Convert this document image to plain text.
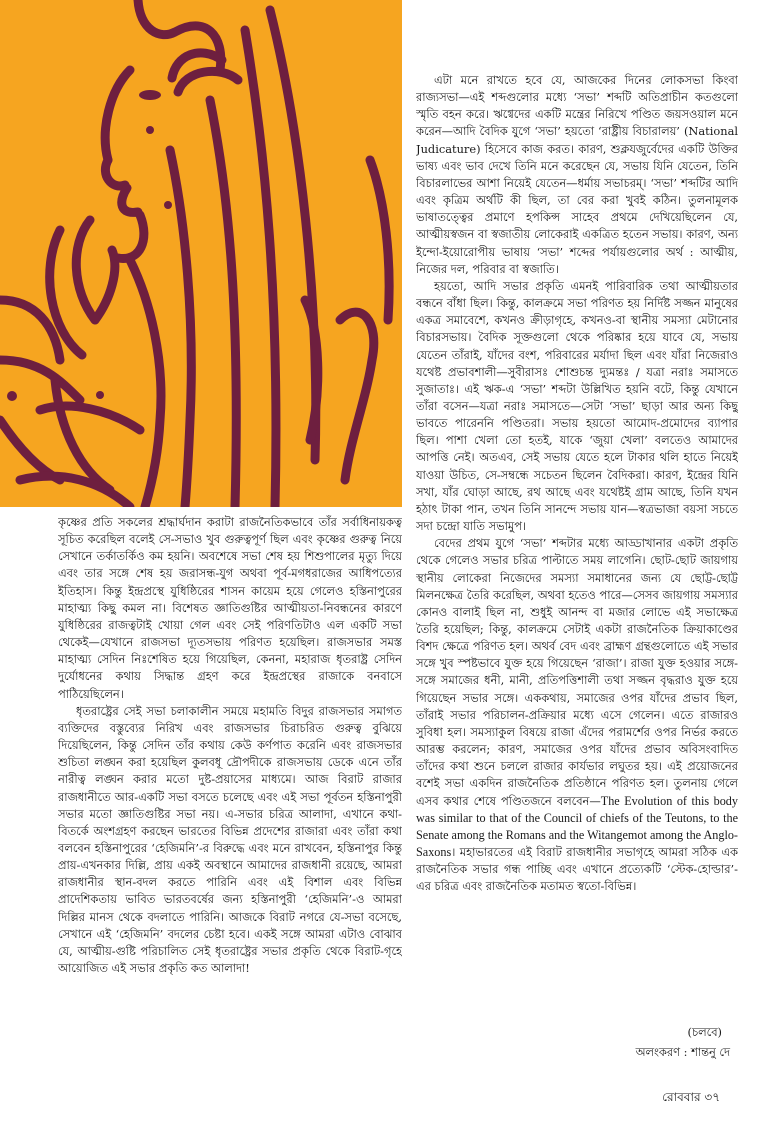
কৃষ্ণের প্রতি সকলের শ্রদ্ধার্ঘদান করাটা রাজনৈতিকভাবে তাঁর সর্বাধিনায়কত্ব সূচিত করেছিল বলেই সে-সভাও খুব গুরুত্বপূর্ণ ছিল এবং কৃষ্ণের গুরুত্ব নিয়ে সেখানে তর্কাতর্কিও কম হয়নি। অবশেষে সভা শেষ হয় শিশুপালের মৃত্যু দিয়ে এবং তার সঙ্গে শেষ হয় জরাসন্ধ-যুগ অথবা পূর্ব-মগধরাজের আধিপত্যের ইতিহাস। কিন্তু ইন্দ্রপ্রস্থে যুধিষ্ঠিরের শাসন কায়েম হয়ে গেলেও হস্তিনাপুরের মাহাত্ম্য কিছু কমল না। বিশেষত জ্ঞাতিগুষ্টির আত্মীয়তা-নিবন্ধনের কারণে যুধিষ্ঠিরের রাজত্বটাই খোয়া গেল এবং সেই পরিণতিটাও এল একটি সভা থেকেই—যেখানে রাজসভা দ্যূতসভায় পরিণত হয়েছিল। রাজসভার সমস্ত মাহাত্ম্য সেদিন নিঃশেষিত হয়ে গিয়েছিল, কেননা, মহারাজ ধৃতরাষ্ট্র সেদিন দুর্যোধনের কথায় সিদ্ধান্ত গ্রহণ করে ইন্দ্রপ্রস্থের রাজাকে বনবাসে পাঠিয়েছিলেন।

ধৃতরাষ্ট্রের সেই সভা চলাকালীন সময়ে মহামতি বিদুর রাজসভার সমাগত ব্যক্তিদের বস্তুব্যের নিরিখ এবং রাজসভার চিরাচরিত গুরুত্ব বুঝিয়ে দিয়েছিলেন, কিন্তু সেদিন তাঁর কথায় কেউ কর্ণপাত করেনি এবং রাজসভার শুচিতা লঙ্ঘন করা হয়েছিল কুলবধূ দ্রৌপদীকে রাজসভায় ডেকে এনে তাঁর নারীত্ব লঙ্ঘন করার মতো দুষ্ট-প্রয়াসের মাধ্যমে। আজ বিরাট রাজার রাজধানীতে আর-একটি সভা বসতে চলেছে এবং এই সভা পূর্বতন হস্তিনাপুরী সভার মতো জ্ঞাতিগুষ্টির সভা নয়। এ-সভার চরিত্র আলাদা, এখানে কথা-বিতর্কে অংশগ্রহণ করছেন ভারতের বিভিন্ন প্রদেশের রাজারা এবং তাঁরা কথা বলবেন হস্তিনাপুরের ‘হেজিমনি’-র বিরুদ্ধে এবং মনে রাখবেন, হস্তিনাপুর কিন্তু প্রায়-এখনকার দিল্লি, প্রায় একই অবস্থানে আমাদের রাজধানী রয়েছে, আমরা রাজধানীর স্থান-বদল করতে পারিনি এবং এই বিশাল এবং বিভিন্ন প্রাদেশিকতায় ভাবিত ভারতবর্ষের জন্য হস্তিনাপুরী ‘হেজিমনি’-ও আমরা দিল্লির মানস থেকে বদলাতে পারিনি। আজকে বিরাট নগরে যে-সভা বসেছে, সেখানে এই ‘হেজিমনি’ বদলের চেষ্টা হবে। একই সঙ্গে আমরা এটাও বোঝাব যে, আত্মীয়-গুষ্টি পরিচালিত সেই ধৃতরাষ্ট্রের সভার প্রকৃতি থেকে বিরাট-গৃহে আয়োজিত এই সভার প্রকৃতি কত আলাদা!

এটা মনে রাখতে হবে যে, আজকের দিনের লোকসভা কিংবা রাজ্যসভা—এই শব্দগুলোর মধ্যে ‘সভা’ শব্দটি অতিপ্রাচীন কতগুলো স্মৃতি বহন করে। ঋগ্বেদের একটি মন্ত্রের নিরিখে পণ্ডিত জয়সওয়াল মনে করেন—আদি বৈদিক যুগে ‘সভা’ হয়তো ‘রাষ্ট্রীয় বিচারালয়’ (National Judicature) হিসেবে কাজ করত। কারণ, শুক্লযজুর্বেদের একটি উক্তির ভাষ্য এবং ভাব দেখে তিনি মনে করেছেন যে, সভায় যিনি যেতেন, তিনি বিচারলাভের আশা নিয়েই যেতেন—ধর্মায় সভাচরম্। ‘সভা’ শব্দটির আদি এবং কৃত্রিম অর্থটি কী ছিল, তা বের করা খুবই কঠিন। তুলনামূলক ভাষাতত্ত্বের প্রমাণে হপকিন্স সাহেব প্রথমে দেখিয়েছিলেন যে, আত্মীয়স্বজন বা স্বজাতীয় লোকেরাই একত্রিত হতেন সভায়। কারণ, অন্য ইন্দো-ইয়োরোপীয় ভাষায় ‘সভা’ শব্দের পর্যায়গুলোর অর্থ : আত্মীয়, নিজের দল, পরিবার বা স্বজাতি।

হয়তো, আদি সভার প্রকৃতি এমনই পারিবারিক তথা আত্মীয়তার বন্ধনে বাঁধা ছিল। কিন্তু, কালক্রমে সভা পরিণত হয় নির্দিষ্ট সজ্জন মানুষের একত্র সমাবেশে, কখনও ক্রীড়াগৃহে, কখনও-বা স্থানীয় সমস্যা মেটানোর বিচারসভায়। বৈদিক সূক্তগুলো থেকে পরিষ্কার হয়ে যাবে যে, সভায় যেতেন তাঁরাই, যাঁদের বংশ, পরিবারের মর্যাদা ছিল এবং যাঁরা নিজেরাও যথেষ্ট প্রভাবশালী—সুবীরাসঃ শোশুচন্ত দ্যুমন্তঃ / যত্রা নরাঃ সমাসতে সুজাতাঃ। এই ঋক-এ ‘সভা’ শব্দটা উল্লিখিত হয়নি বটে, কিন্তু যেখানে তাঁরা বসেন—যত্রা নরাঃ সমাসতে—সেটা ‘সভা’ ছাড়া আর অন্য কিছু ভাবতে পারেননি পণ্ডিতরা। সভায় হয়তো আমোদ-প্রমোদের ব্যাপার ছিল। পাশা খেলা তো হতই, যাকে ‘জুয়া খেলা’ বলতেও আমাদের আপত্তি নেই। অতএব, সেই সভায় যেতে হলে টাকার থলি হাতে নিয়েই যাওয়া উচিত, সে-সম্বন্ধে সচেতন ছিলেন বৈদিকরা। কারণ, ইন্দ্রের যিনি সখা, যাঁর ঘোড়া আছে, রথ আছে এবং যথেষ্টই গ্রাম আছে, তিনি যখন হঠাৎ টাকা পান, তখন তিনি সানন্দে সভায় যান—স্বত্রভাজা বয়সা সচতে সদা চন্দ্রো যাতি সভামুপ।

বেদের প্রথম যুগে ‘সভা’ শব্দটার মধ্যে আড্ডাখানার একটা প্রকৃতি থেকে গেলেও সভার চরিত্র পাল্টাতে সময় লাগেনি। ছোট-ছোট জায়গায় স্থানীয় লোকেরা নিজেদের সমস্যা সমাধানের জন্য যে ছোট্ট-ছোট্ট মিলনক্ষেত্র তৈরি করেছিল, অথবা হতেও পারে—সেসব জায়গায় সমস্যার কোনও বালাই ছিল না, শুধুই আনন্দ বা মজার লোভে এই সভাক্ষেত্র তৈরি হয়েছিল; কিন্তু, কালক্রমে সেটাই একটা রাজনৈতিক ক্রিয়াকাণ্ডের বিশদ ক্ষেত্রে পরিণত হল। অথর্ব বেদ এবং ব্রাহ্মণ গ্রন্থগুলোতে এই সভার সঙ্গে খুব স্পষ্টভাবে যুক্ত হয়ে গিয়েছেন ‘রাজা’। রাজা যুক্ত হওয়ার সঙ্গে-সঙ্গে সমাজের ধনী, মানী, প্রতিপত্তিশালী তথা সজ্জন বৃদ্ধরাও যুক্ত হয়ে গিয়েছেন সভার সঙ্গে। এককথায়, সমাজের ওপর যাঁদের প্রভাব ছিল, তাঁরাই সভার পরিচালন-প্রক্রিয়ার মধ্যে এসে গেলেন। এতে রাজারও সুবিধা হল। সমস্যাকুল বিষয়ে রাজা এঁদের পরামর্শের ওপর নির্ভর করতে আরম্ভ করলেন; কারণ, সমাজের ওপর যাঁদের প্রভাব অবিসংবাদিত তাঁদের কথা শুনে চললে রাজার কার্যভার লঘুতর হয়। এই প্রয়োজনের বশেই সভা একদিন রাজনৈতিক প্রতিষ্ঠানে পরিণত হল। তুলনায় গেলে এসব কথার শেষে পণ্ডিতজনে বলবেন—The Evolution of this body was similar to that of the Council of chiefs of the Teutons, to the Senate among the Romans and the Witangemot among the Anglo-Saxons। মহাভারতের এই বিরাট রাজধানীর সভাগৃহে আমরা সঠিক এক রাজনৈতিক সভার গন্ধ পাচ্ছি এবং এখানে প্রত্যেকটি ‘স্টেক-হোল্ডার’-এর চরিত্র এবং রাজনৈতিক মতামত স্বতো-বিভিন্ন।

(চলবে)
অলংকরণ : শান্তনু দে
রোববার ৩৭
